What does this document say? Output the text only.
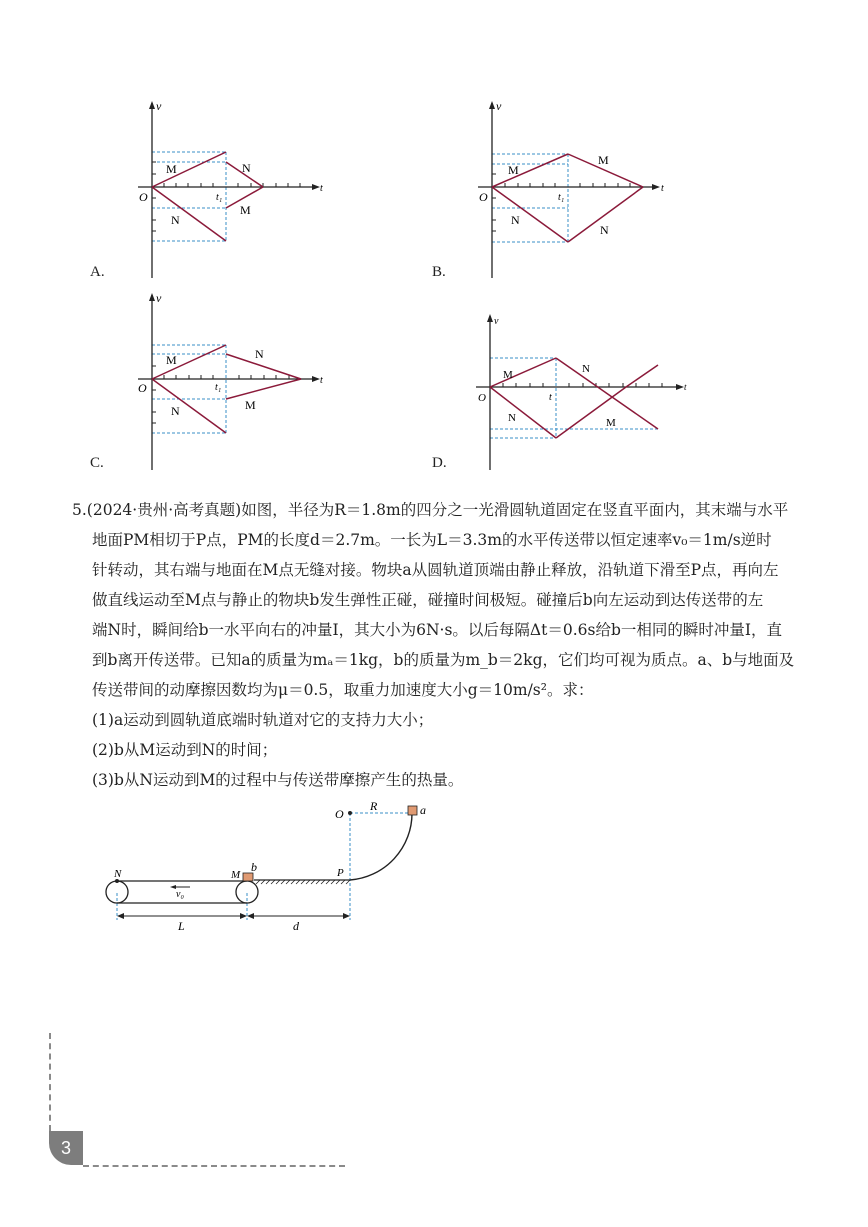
v
t
O	t₁
M	N
N
M
A.
v
t
O	t₁
M
M
N
N
B.
v
t
O	t₁
M	N
N	M
C.
v
t
O	t
M	N
N	M
D.

5.(2024·贵州·高考真题)如图，半径为R＝1.8m的四分之一光滑圆轨道固定在竖直平面内，其末端与水平

地面PM相切于P点，PM的长度d＝2.7m。一长为L＝3.3m的水平传送带以恒定速率v₀＝1m/s逆时

针转动，其右端与地面在M点无缝对接。物块a从圆轨道顶端由静止释放，沿轨道下滑至P点，再向左

做直线运动至M点与静止的物块b发生弹性正碰，碰撞时间极短。碰撞后b向左运动到达传送带的左

端N时，瞬间给b一水平向右的冲量I，其大小为6N·s。以后每隔Δt＝0.6s给b一相同的瞬时冲量I，直

到b离开传送带。已知a的质量为mₐ＝1kg，b的质量为m_b＝2kg，它们均可视为质点。a、b与地面及

传送带间的动摩擦因数均为μ＝0.5，取重力加速度大小g＝10m/s²。求：

(1)a运动到圆轨道底端时轨道对它的支持力大小；

(2)b从M运动到N的时间；

(3)b从N运动到M的过程中与传送带摩擦产生的热量。

O
R	a
b
N	M	P
v₀
L	d
3
